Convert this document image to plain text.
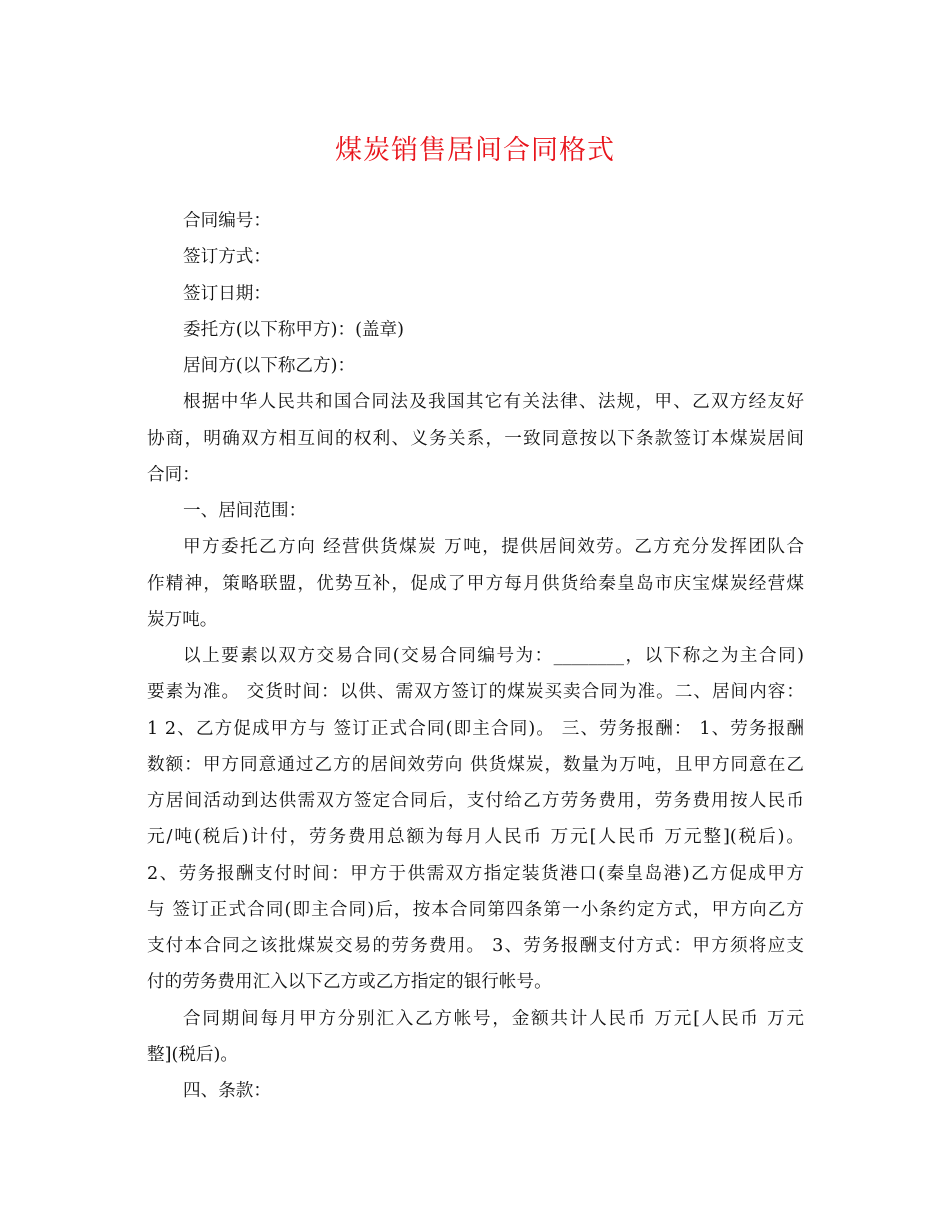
煤炭销售居间合同格式
合同编号：
签订方式：
签订日期：
委托方(以下称甲方)：(盖章)
居间方(以下称乙方)：
根据中华人民共和国合同法及我国其它有关法律、法规，甲、乙双方经友好
协商，明确双方相互间的权利、义务关系，一致同意按以下条款签订本煤炭居间
合同：
一、居间范围：
甲方委托乙方向 经营供货煤炭 万吨，提供居间效劳。乙方充分发挥团队合
作精神，策略联盟，优势互补，促成了甲方每月供货给秦皇岛市庆宝煤炭经营煤
炭万吨。
以上要素以双方交易合同(交易合同编号为：________，以下称之为主合同)
要素为准。 交货时间：以供、需双方签订的煤炭买卖合同为准。二、居间内容：
1 2、乙方促成甲方与 签订正式合同(即主合同)。 三、劳务报酬： 1、劳务报酬
数额：甲方同意通过乙方的居间效劳向 供货煤炭，数量为万吨，且甲方同意在乙
方居间活动到达供需双方签定合同后，支付给乙方劳务费用，劳务费用按人民币
元/吨(税后)计付，劳务费用总额为每月人民币 万元[人民币 万元整](税后)。
2、劳务报酬支付时间：甲方于供需双方指定装货港口(秦皇岛港)乙方促成甲方
与 签订正式合同(即主合同)后，按本合同第四条第一小条约定方式，甲方向乙方
支付本合同之该批煤炭交易的劳务费用。 3、劳务报酬支付方式：甲方须将应支
付的劳务费用汇入以下乙方或乙方指定的银行帐号。
合同期间每月甲方分别汇入乙方帐号，金额共计人民币 万元[人民币 万元
整](税后)。
四、条款：
